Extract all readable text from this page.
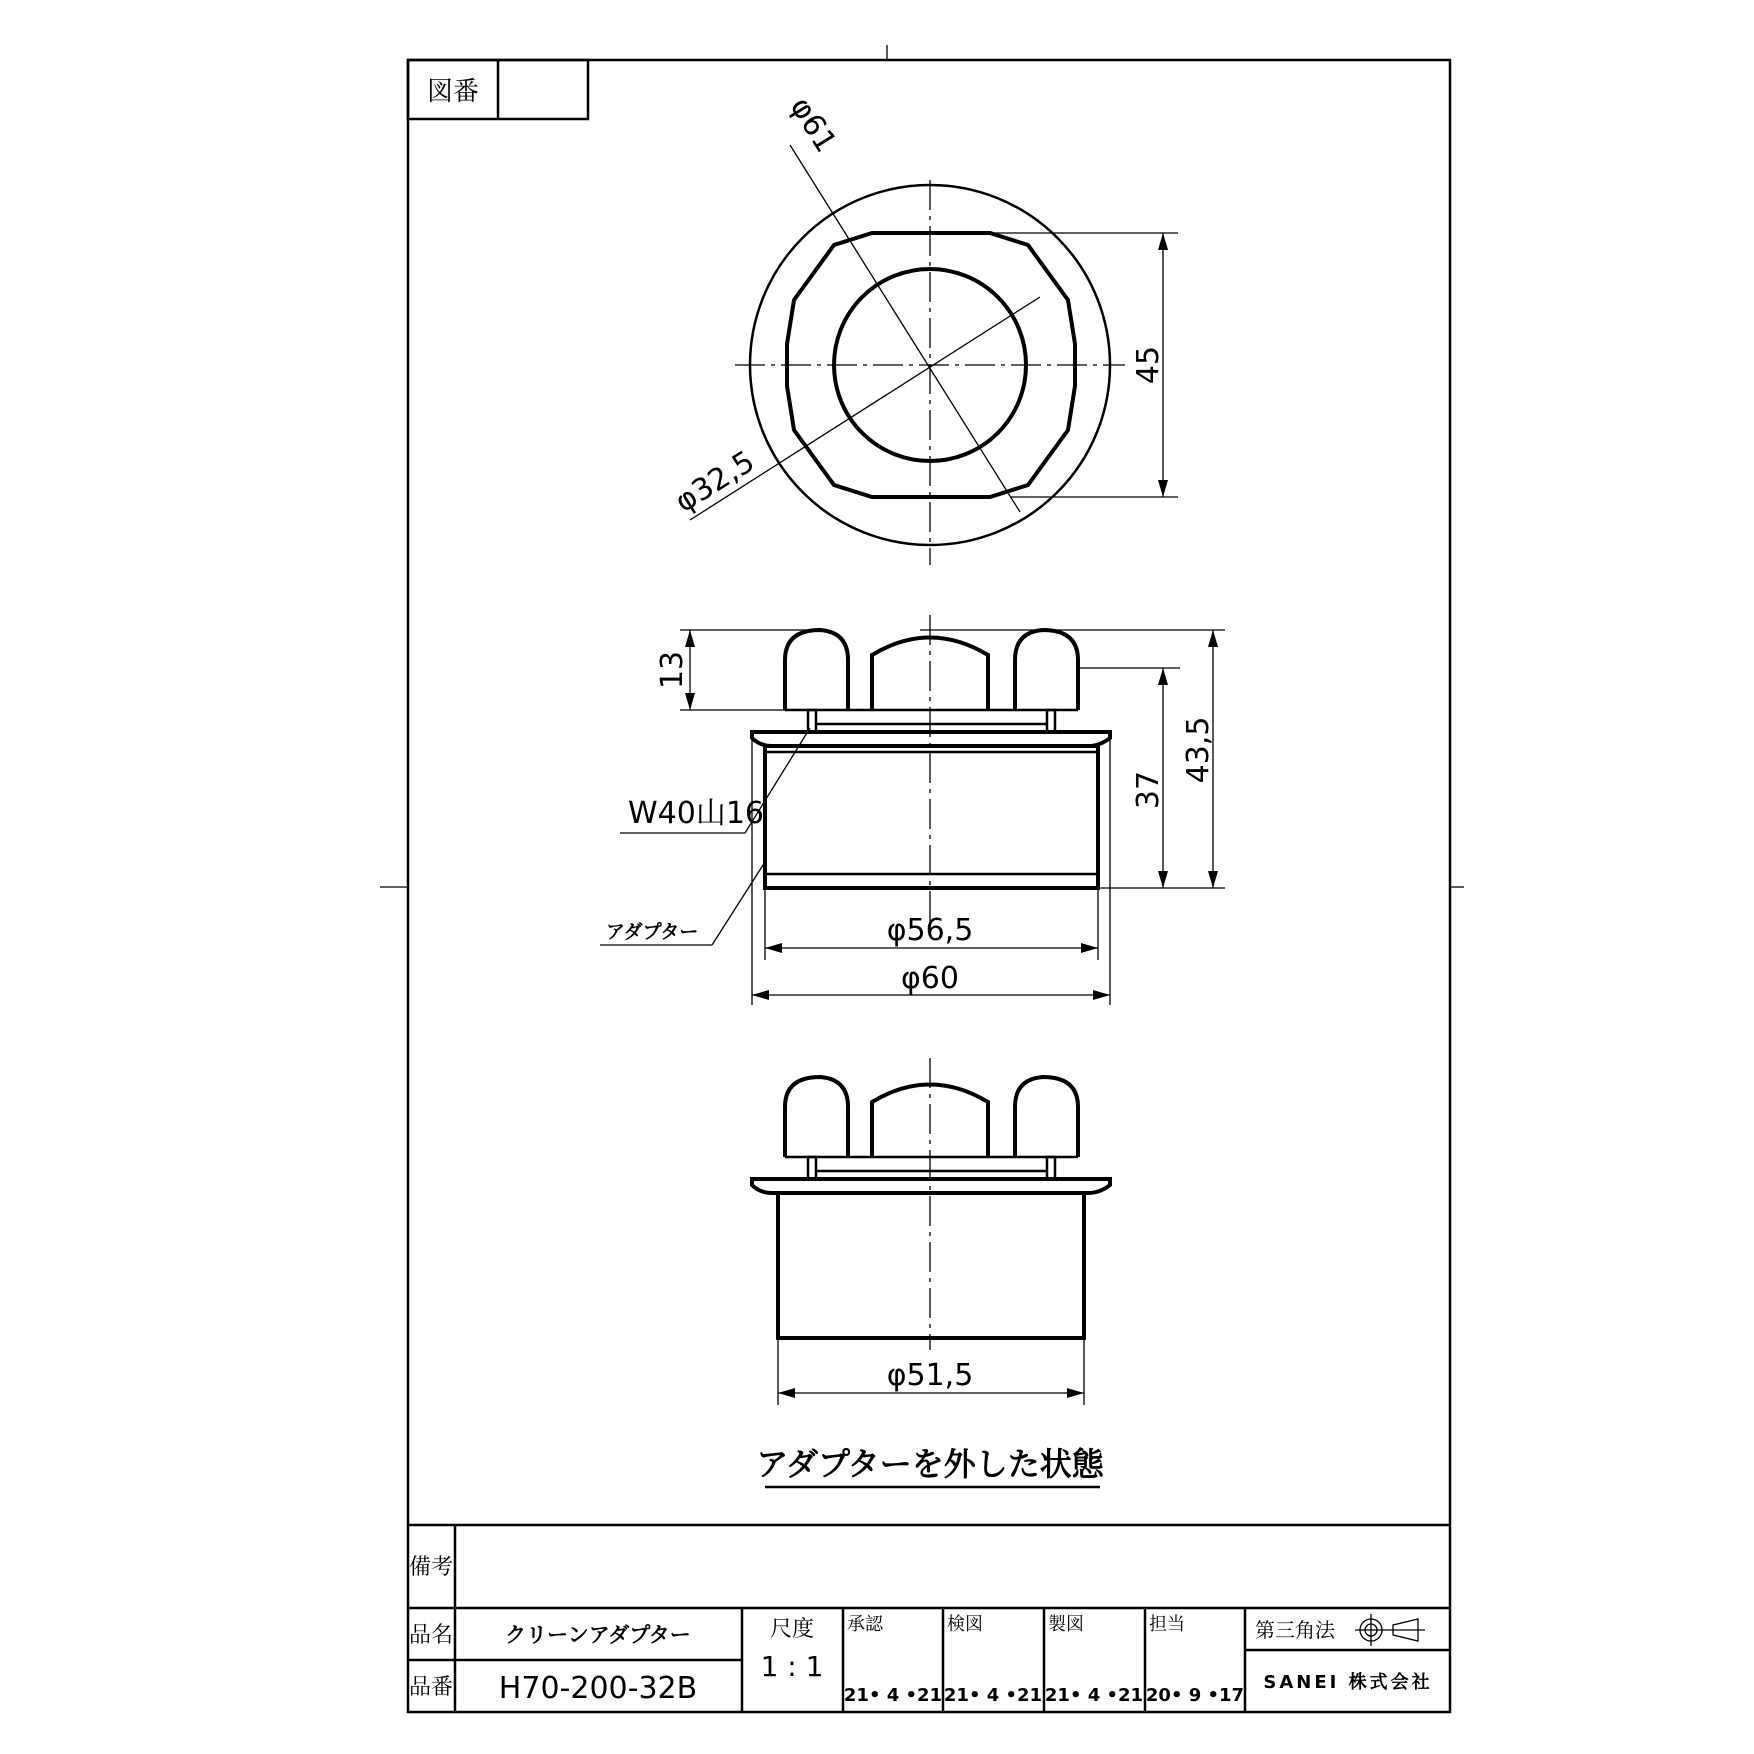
図番	φ61
φ32,5
45
φ56,5
φ60
13
37
43,5
W40山16
アダプター
φ51,5
アダプターを外した状態
備考
品名 クリーンアダプター
品番 H70-200-32B
尺度
1 : 1
承認
21• 4 •21
検図
21• 4 •21
製図
21• 4 •21
担当
20• 9 •17
第三角法
SANEI 株式会社
